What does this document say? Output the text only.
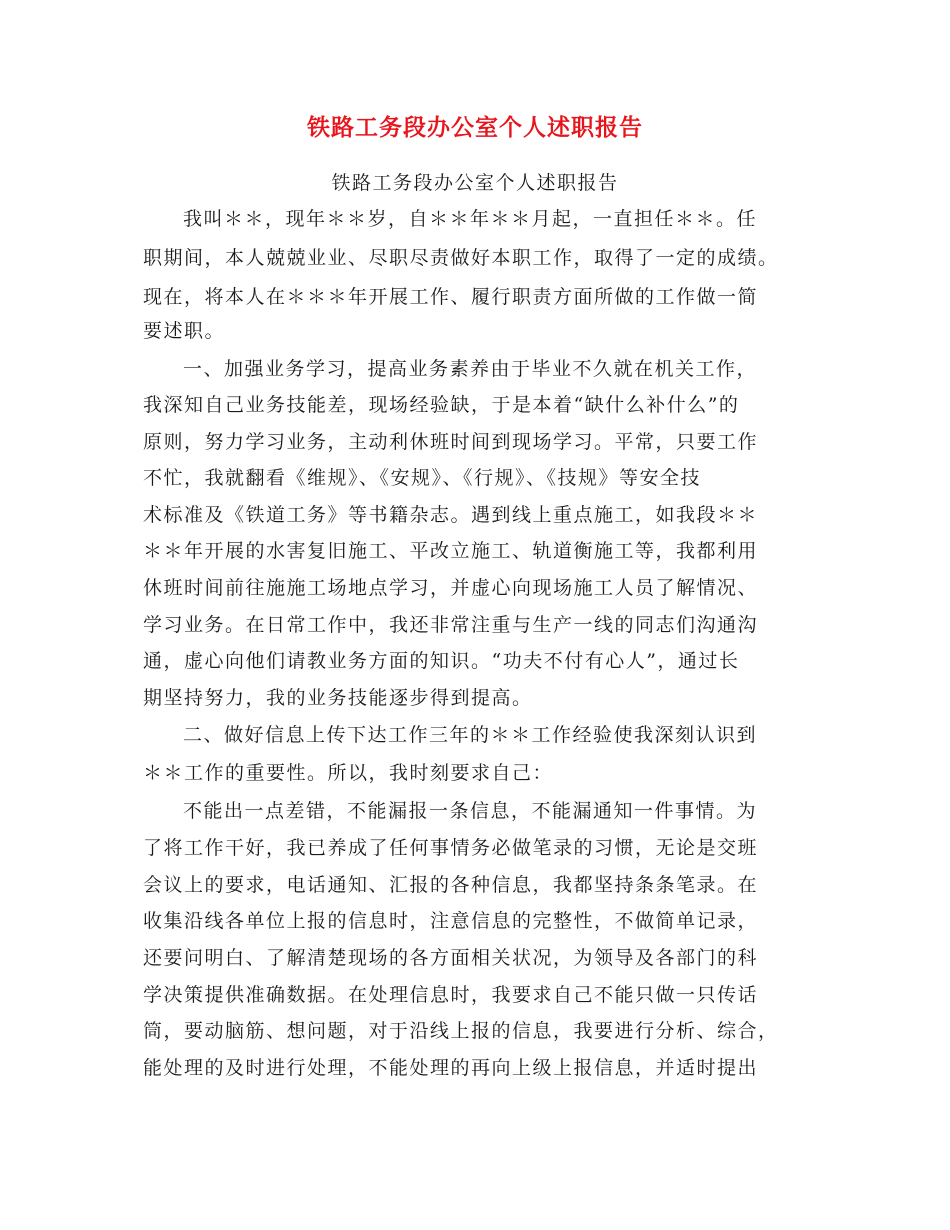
铁路工务段办公室个人述职报告
铁路工务段办公室个人述职报告
我叫＊＊，现年＊＊岁，自＊＊年＊＊月起，一直担任＊＊。任
职期间，本人兢兢业业、尽职尽责做好本职工作，取得了一定的成绩。
现在，将本人在＊＊＊年开展工作、履行职责方面所做的工作做一简
要述职。
一、加强业务学习，提高业务素养由于毕业不久就在机关工作，
我深知自己业务技能差，现场经验缺，于是本着“缺什么补什么”的
原则，努力学习业务，主动利休班时间到现场学习。平常，只要工作
不忙，我就翻看《维规》、《安规》、《行规》、《技规》等安全技
术标准及《铁道工务》等书籍杂志。遇到线上重点施工，如我段＊＊
＊＊年开展的水害复旧施工、平改立施工、轨道衡施工等，我都利用
休班时间前往施施工场地点学习，并虚心向现场施工人员了解情况、
学习业务。在日常工作中，我还非常注重与生产一线的同志们沟通沟
通，虚心向他们请教业务方面的知识。“功夫不付有心人”，通过长
期坚持努力，我的业务技能逐步得到提高。
二、做好信息上传下达工作三年的＊＊工作经验使我深刻认识到
＊＊工作的重要性。所以，我时刻要求自己：
不能出一点差错，不能漏报一条信息，不能漏通知一件事情。为
了将工作干好，我已养成了任何事情务必做笔录的习惯，无论是交班
会议上的要求，电话通知、汇报的各种信息，我都坚持条条笔录。在
收集沿线各单位上报的信息时，注意信息的完整性，不做简单记录，
还要问明白、了解清楚现场的各方面相关状况，为领导及各部门的科
学决策提供准确数据。在处理信息时，我要求自己不能只做一只传话
筒，要动脑筋、想问题，对于沿线上报的信息，我要进行分析、综合，
能处理的及时进行处理，不能处理的再向上级上报信息，并适时提出
